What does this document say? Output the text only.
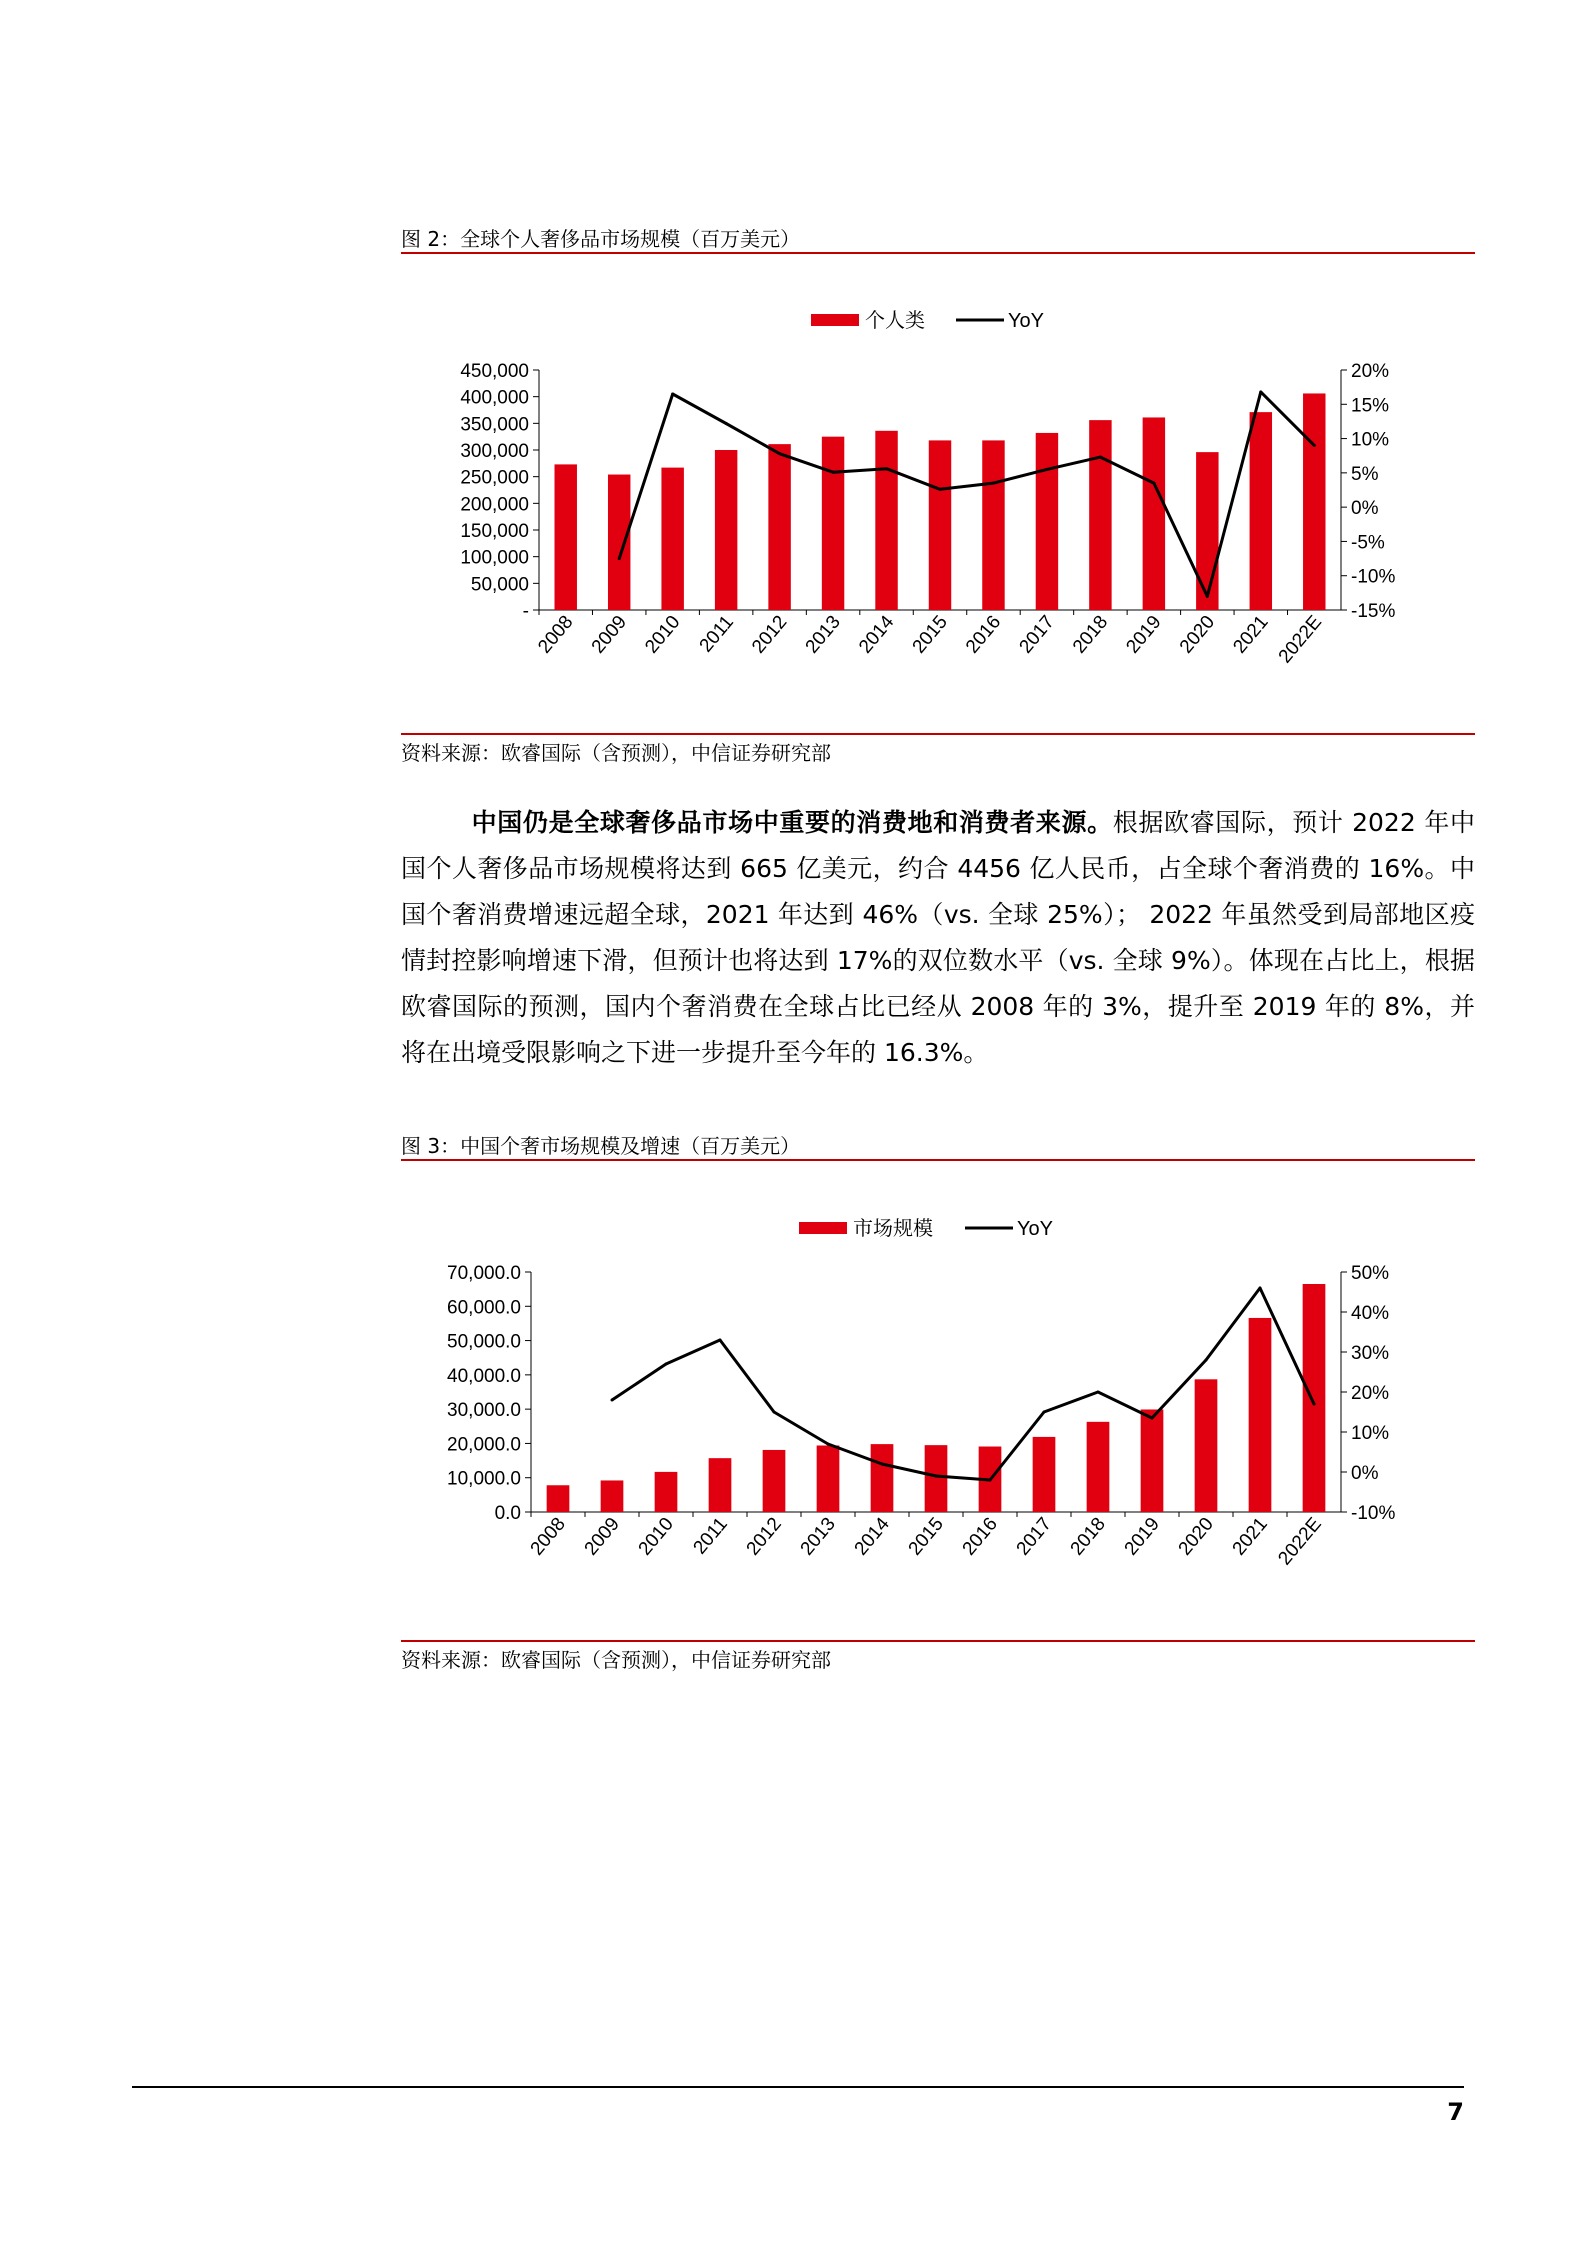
图 2：全球个人奢侈品市场规模（百万美元）
个人类	YoY
-
50,000
100,000
150,000
200,000
250,000
300,000
350,000
400,000
450,000
-15%
-10%
-5%
0%
5%
10%
15%
20%
2008 2009 2010 2011 2012 2013 2014 2015 2016 2017 2018 2019 2020 2021 2022E
资料来源：欧睿国际（含预测），中信证券研究部
中国仍是全球奢侈品市场中重要的消费地和消费者来源。根据欧睿国际，预计 2022 年中国个人奢侈品市场规模将达到 665 亿美元，约合 4456 亿人民币，占全球个奢消费的 16%。中国个奢消费增速远超全球，2021 年达到 46%（vs. 全球 25%）； 2022 年虽然受到局部地区疫情封控影响增速下滑，但预计也将达到 17%的双位数水平（vs. 全球 9%）。体现在占比上，根据欧睿国际的预测，国内个奢消费在全球占比已经从 2008 年的 3%，提升至 2019 年的 8%，并将在出境受限影响之下进一步提升至今年的 16.3%。
图 3：中国个奢市场规模及增速（百万美元）
市场规模	YoY
0.0
10,000.0
20,000.0
30,000.0
40,000.0
50,000.0
60,000.0
70,000.0
-10%
0%
10%
20%
30%
40%
50%
2008 2009 2010 2011 2012 2013 2014 2015 2016 2017 2018 2019 2020 2021 2022E
资料来源：欧睿国际（含预测），中信证券研究部
7
